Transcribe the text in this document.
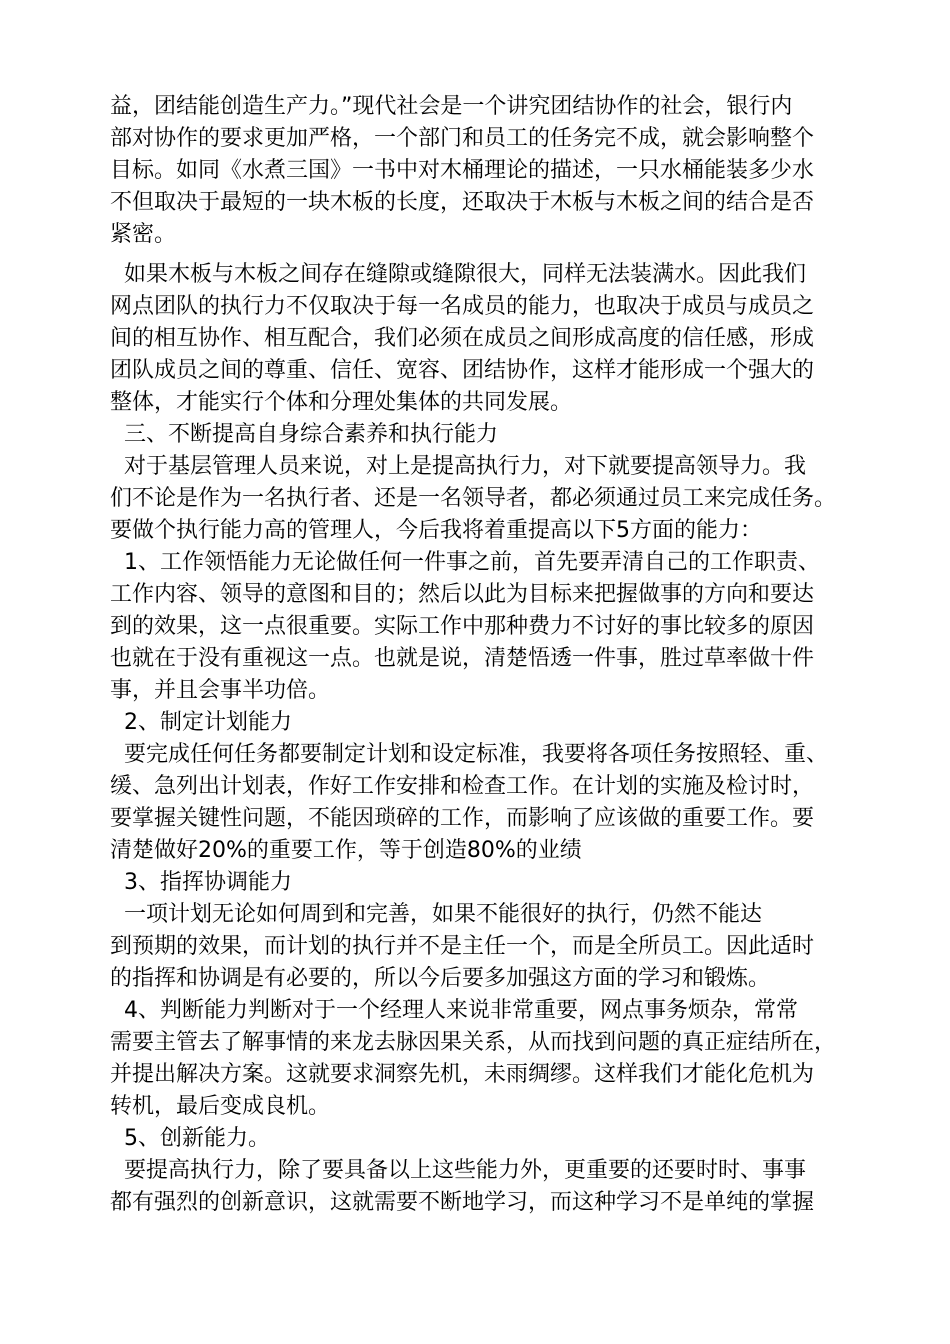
益，团结能创造生产力。”现代社会是一个讲究团结协作的社会，银行内
部对协作的要求更加严格，一个部门和员工的任务完不成，就会影响整个
目标。如同《水煮三国》一书中对木桶理论的描述，一只水桶能装多少水
不但取决于最短的一块木板的长度，还取决于木板与木板之间的结合是否
紧密。
如果木板与木板之间存在缝隙或缝隙很大，同样无法装满水。因此我们
网点团队的执行力不仅取决于每一名成员的能力，也取决于成员与成员之
间的相互协作、相互配合，我们必须在成员之间形成高度的信任感，形成
团队成员之间的尊重、信任、宽容、团结协作，这样才能形成一个强大的
整体，才能实行个体和分理处集体的共同发展。
三、不断提高自身综合素养和执行能力
对于基层管理人员来说，对上是提高执行力，对下就要提高领导力。我
们不论是作为一名执行者、还是一名领导者，都必须通过员工来完成任务。
要做个执行能力高的管理人，今后我将着重提高以下5方面的能力：
1、工作领悟能力无论做任何一件事之前，首先要弄清自己的工作职责、
工作内容、领导的意图和目的；然后以此为目标来把握做事的方向和要达
到的效果，这一点很重要。实际工作中那种费力不讨好的事比较多的原因
也就在于没有重视这一点。也就是说，清楚悟透一件事，胜过草率做十件
事，并且会事半功倍。
2、制定计划能力
要完成任何任务都要制定计划和设定标准，我要将各项任务按照轻、重、
缓、急列出计划表，作好工作安排和检查工作。在计划的实施及检讨时，
要掌握关键性问题，不能因琐碎的工作，而影响了应该做的重要工作。要
清楚做好20%的重要工作，等于创造80%的业绩
3、指挥协调能力
一项计划无论如何周到和完善，如果不能很好的执行，仍然不能达
到预期的效果，而计划的执行并不是主任一个，而是全所员工。因此适时
的指挥和协调是有必要的，所以今后要多加强这方面的学习和锻炼。
4、判断能力判断对于一个经理人来说非常重要，网点事务烦杂，常常
需要主管去了解事情的来龙去脉因果关系，从而找到问题的真正症结所在，
并提出解决方案。这就要求洞察先机，未雨绸缪。这样我们才能化危机为
转机，最后变成良机。
5、创新能力。
要提高执行力，除了要具备以上这些能力外，更重要的还要时时、事事
都有强烈的创新意识，这就需要不断地学习，而这种学习不是单纯的掌握
